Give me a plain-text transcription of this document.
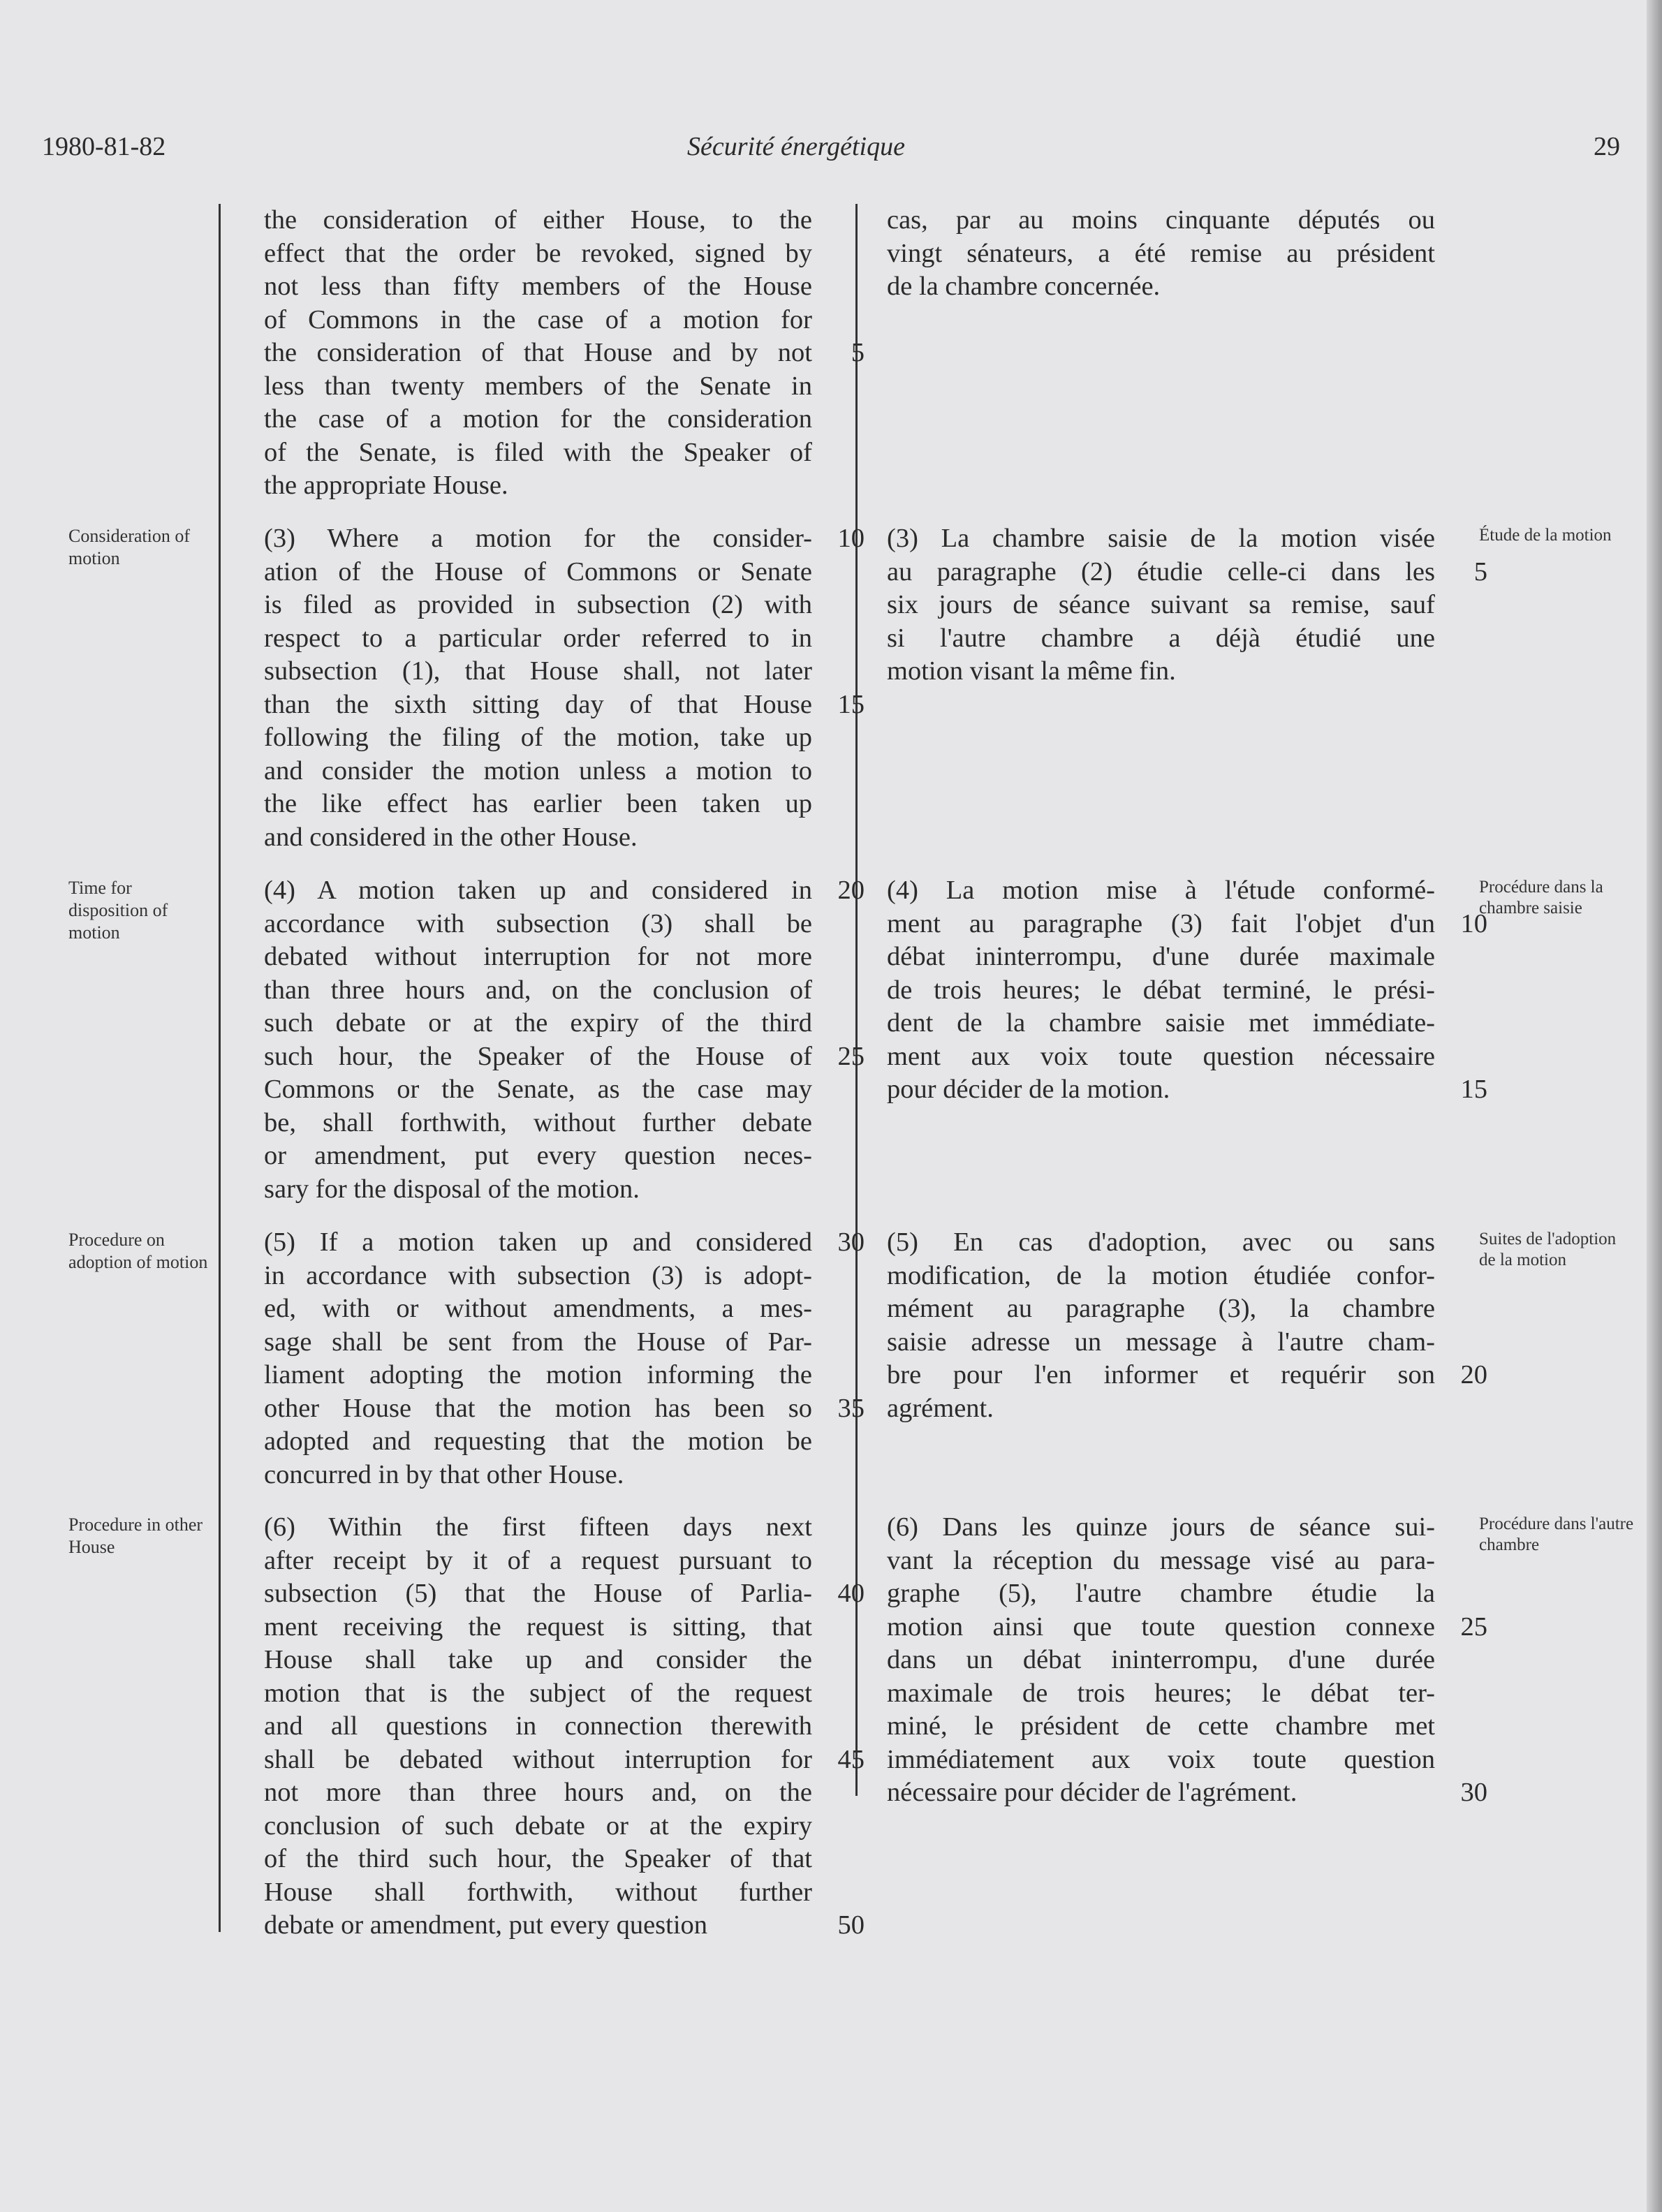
1980-81-82	Sécurité énergétique	29
Consideration of motion
Time for disposition of motion
Procedure on adoption of motion
Procedure in other House
Étude de la motion
Procédure dans la chambre saisie
Suites de l'adoption de la motion
Procédure dans l'autre chambre
the consideration of either House, to the
effect that the order be revoked, signed by
not less than fifty members of the House
of Commons in the case of a motion for
the consideration of that House and by not	5
less than twenty members of the Senate in
the case of a motion for the consideration
of the Senate, is filed with the Speaker of
the appropriate House.
(3) Where a motion for the consider- 10
ation of the House of Commons or Senate
is filed as provided in subsection (2) with
respect to a particular order referred to in
subsection (1), that House shall, not later
than the sixth sitting day of that House 15
following the filing of the motion, take up
and consider the motion unless a motion to
the like effect has earlier been taken up
and considered in the other House.
(4) A motion taken up and considered in 20
accordance with subsection (3) shall be
debated without interruption for not more
than three hours and, on the conclusion of
such debate or at the expiry of the third
such hour, the Speaker of the House of 25
Commons or the Senate, as the case may
be, shall forthwith, without further debate
or amendment, put every question neces-
sary for the disposal of the motion.
(5) If a motion taken up and considered 30
in accordance with subsection (3) is adopt-
ed, with or without amendments, a mes-
sage shall be sent from the House of Par-
liament adopting the motion informing the
other House that the motion has been so 35
adopted and requesting that the motion be
concurred in by that other House.
(6) Within the first fifteen days next
after receipt by it of a request pursuant to
subsection (5) that the House of Parlia- 40
ment receiving the request is sitting, that
House shall take up and consider the
motion that is the subject of the request
and all questions in connection therewith
shall be debated without interruption for 45
not more than three hours and, on the
conclusion of such debate or at the expiry
of the third such hour, the Speaker of that
House shall forthwith, without further
debate or amendment, put every question	50
cas, par au moins cinquante députés ou
vingt sénateurs, a été remise au président
de la chambre concernée.
(3) La chambre saisie de la motion visée
au paragraphe (2) étudie celle-ci dans les	5
six jours de séance suivant sa remise, sauf
si l'autre chambre a déjà étudié une
motion visant la même fin.
(4) La motion mise à l'étude conformé-
ment au paragraphe (3) fait l'objet d'un 10
débat ininterrompu, d'une durée maximale
de trois heures; le débat terminé, le prési-
dent de la chambre saisie met immédiate-
ment aux voix toute question nécessaire
pour décider de la motion.	15
(5) En cas d'adoption, avec ou sans
modification, de la motion étudiée confor-
mément au paragraphe (3), la chambre
saisie adresse un message à l'autre cham-
bre pour l'en informer et requérir son 20
agrément.
(6) Dans les quinze jours de séance sui-
vant la réception du message visé au para-
graphe (5), l'autre chambre étudie la
motion ainsi que toute question connexe 25
dans un débat ininterrompu, d'une durée
maximale de trois heures; le débat ter-
miné, le président de cette chambre met
immédiatement aux voix toute question
nécessaire pour décider de l'agrément.	30
